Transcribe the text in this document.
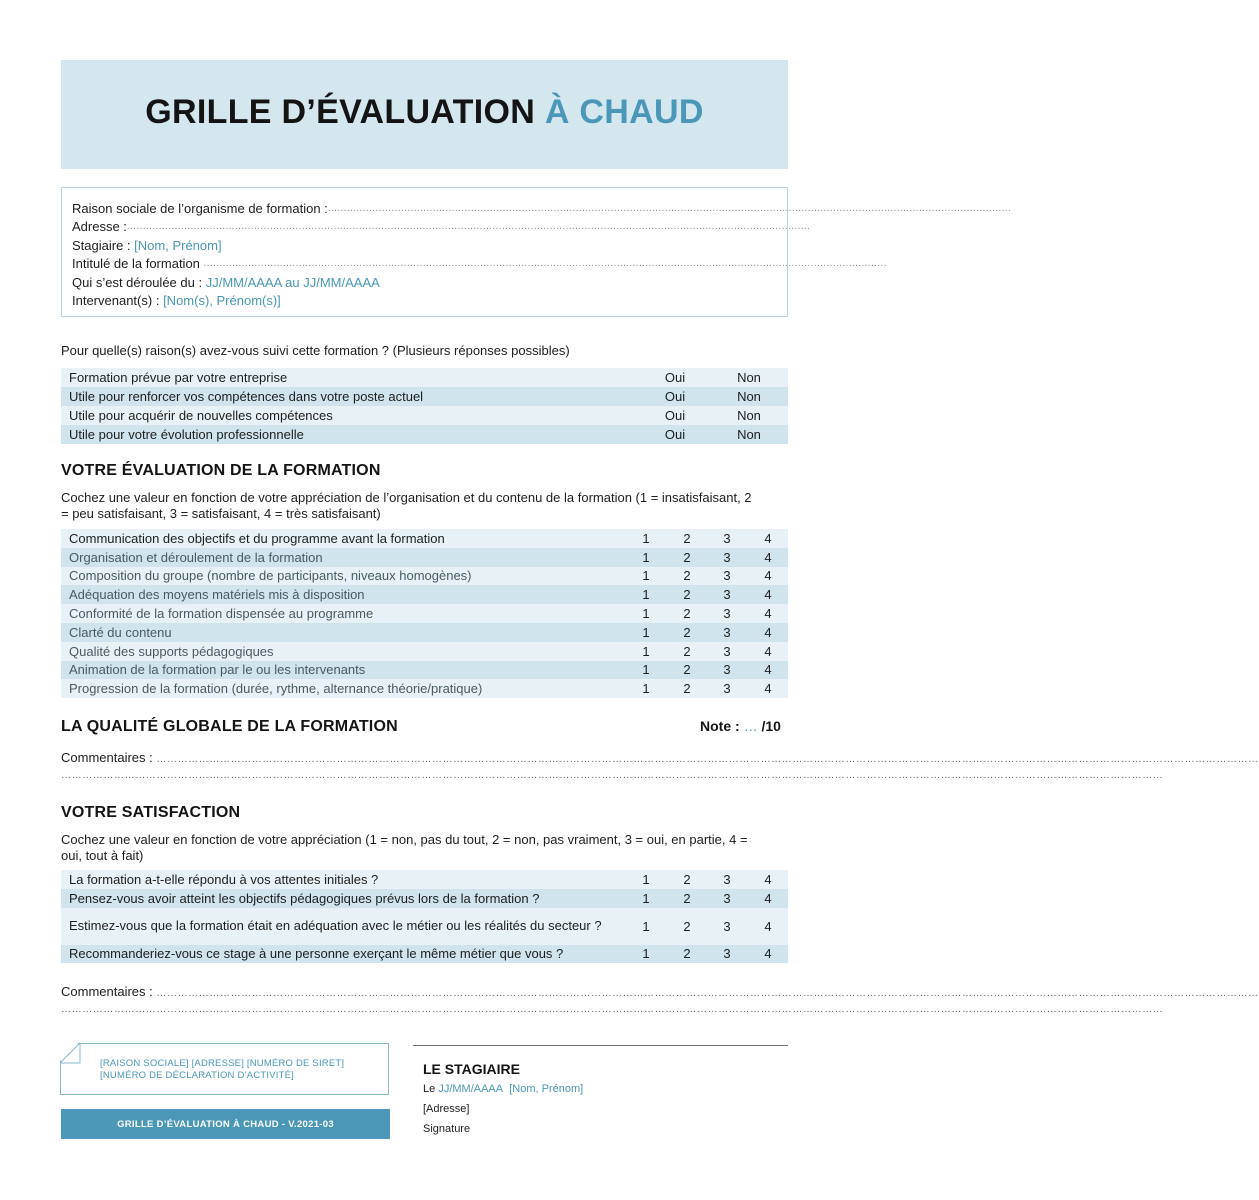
GRILLE D’ÉVALUATION À CHAUD
Raison sociale de l’organisme de formation : .......................................................................................................................................................................................................................
Adresse : .......................................................................................................................................................................................................................
Stagiaire :
[Nom, Prénom]
Intitulé de la formation
.......................................................................................................................................................................................................................
Qui s’est déroulée du :
JJ/MM/AAAA au JJ/MM/AAAA
Intervenant(s) :
[Nom(s), Prénom(s)]
Pour quelle(s) raison(s) avez-vous suivi cette formation ? (Plusieurs réponses possibles)
Formation prévue par votre entreprise	Oui	Non
Utile pour renforcer vos compétences dans votre poste actuel	Oui	Non
Utile pour acquérir de nouvelles compétences	Oui	Non
Utile pour votre évolution professionnelle	Oui	Non
VOTRE ÉVALUATION DE LA FORMATION
Cochez une valeur en fonction de votre appréciation de l’organisation et du contenu de la formation (1 = insatisfaisant, 2 = peu satisfaisant, 3 = satisfaisant, 4 = très satisfaisant)
Communication des objectifs et du programme avant la formation	1	2	3	4
Organisation et déroulement de la formation	1	2	3	4
Composition du groupe (nombre de participants, niveaux homogènes)	1	2	3	4
Adéquation des moyens matériels mis à disposition	1	2	3	4
Conformité de la formation dispensée au programme	1	2	3	4
Clarté du contenu	1	2	3	4
Qualité des supports pédagogiques	1	2	3	4
Animation de la formation par le ou les intervenants	1	2	3	4
Progression de la formation (durée, rythme, alternance théorie/pratique)	1	2	3	4
LA QUALITÉ GLOBALE DE LA FORMATION	Note : … /10
Commentaires : ……………………………………………………………………………………………………………………………………………………………………………………………………………………………………………………………………………………
……………………………………………………………………………………………………………………………………………………………………………………………………………………………………………………………………………………
VOTRE SATISFACTION
Cochez une valeur en fonction de votre appréciation (1 = non, pas du tout, 2 = non, pas vraiment, 3 = oui, en partie, 4 = oui, tout à fait)
La formation a-t-elle répondu à vos attentes initiales ?	1	2	3	4
Pensez-vous avoir atteint les objectifs pédagogiques prévus lors de la formation ?	1	2	3	4
Estimez-vous que la formation était en adéquation avec le métier ou les réalités du secteur ?	1	2	3	4
Recommanderiez-vous ce stage à une personne exerçant le même métier que vous ?	1	2	3	4
Commentaires : ……………………………………………………………………………………………………………………………………………………………………………………………………………………………………………………………………………………
……………………………………………………………………………………………………………………………………………………………………………………………………………………………………………………………………………………
[RAISON SOCIALE] [ADRESSE] [NUMÉRO DE SIRET]
[NUMÉRO DE DÉCLARATION D’ACTIVITÉ]
GRILLE D’ÉVALUATION À CHAUD - V.2021-03
LE STAGIAIRE
Le JJ/MM/AAAA [Nom, Prénom]
[Adresse]
Signature
